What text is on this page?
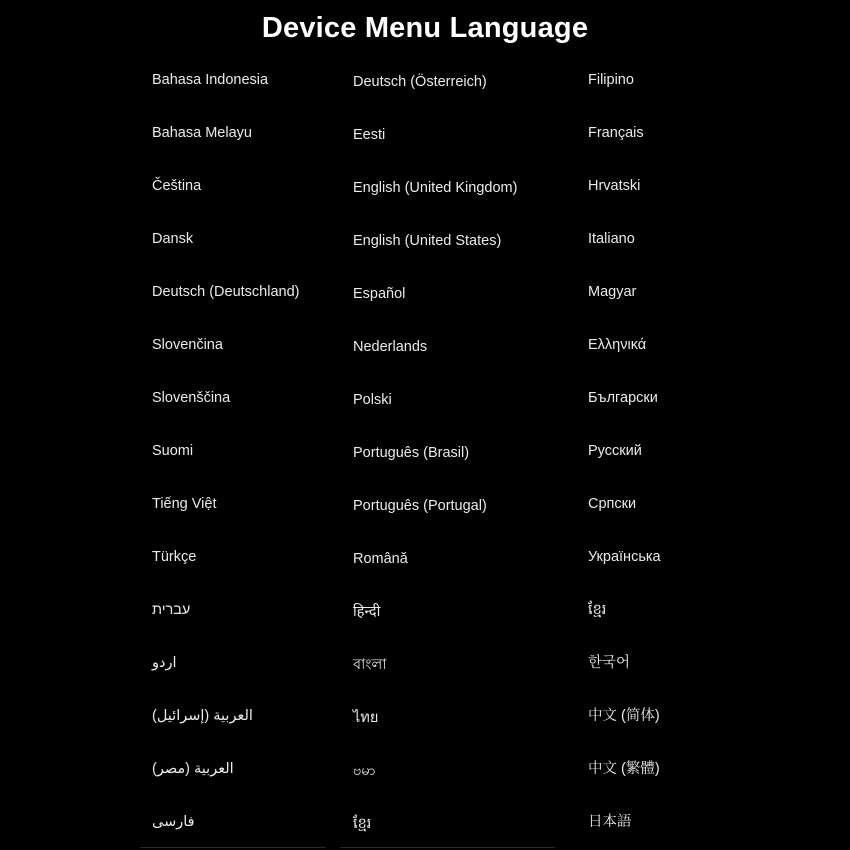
Device Menu Language
Bahasa Indonesia
Bahasa Melayu
Čeština
Dansk
Deutsch (Deutschland)
Slovenčina
Slovenščina
Suomi
Tiếng Việt
Türkçe
עברית
اردو
العربية (إسرائيل)
العربية (مصر)
فارسی
Deutsch (Österreich)
Eesti
English (United Kingdom)
English (United States)
Español
Nederlands
Polski
Português (Brasil)
Português (Portugal)
Română
हिन्दी
বাংলা
ไทย
ဗမာ
ខ្មែរ
Filipino
Français
Hrvatski
Italiano
Magyar
Ελληνικά
Български
Русский
Српски
Українська
ខ្មែរ
한국어
中文 (简体)
中文 (繁體)
日本語
